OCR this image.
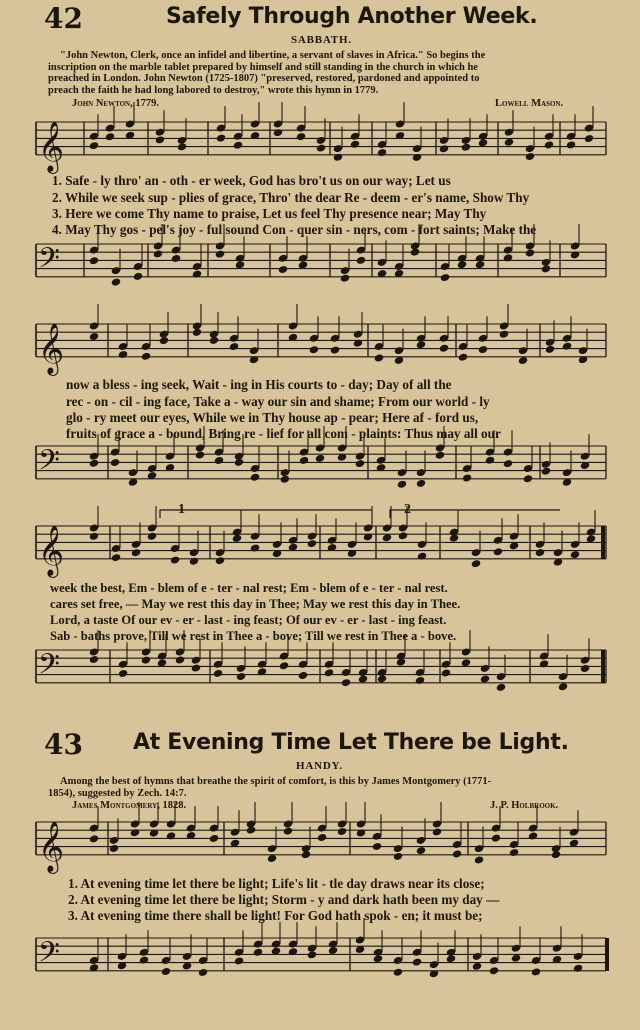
𝄞
𝄢
𝄞
𝄢
𝄞
𝄢
𝄞
𝄢
42	Safely Through Another Week.
SABBATH.
"John Newton, Clerk, once an infidel and libertine, a servant of slaves in Africa." So begins the
inscription on the marble tablet prepared by himself and still standing in the church in which he
preached in London. John Newton (1725-1807) "preserved, restored, pardoned and appointed to
preach the faith he had long labored to destroy," wrote this hymn in 1779.
John Newton, 1779.	Lowell Mason.
1. Safe - ly thro' an - oth - er week, God has bro't us on our way; Let us
2. While we seek sup - plies of grace, Thro' the dear Re - deem - er's name, Show Thy
3. Here we come Thy name to praise, Let us feel Thy presence near; May Thy
4. May Thy gos - pel's joy - ful sound Con - quer sin - ners, com - fort saints; Make the
now a bless - ing seek, Wait - ing in His courts to - day; Day of all the
rec - on - cil - ing face, Take a - way our sin and shame; From our world - ly
glo - ry meet our eyes, While we in Thy house ap - pear; Here af - ford us,
fruits of grace a - bound, Bring re - lief for all com - plaints: Thus may all our
week the best, Em - blem of e - ter - nal rest; Em - blem of e - ter - nal rest.
cares set free, — May we rest this day in Thee; May we rest this day in Thee.
Lord, a taste Of our ev - er - last - ing feast; Of our ev - er - last - ing feast.
Sab - baths prove, Till we rest in Thee a - bove; Till we rest in Thee a - bove.
1	2
43 At Evening Time Let There be Light.
HANDY.
Among the best of hymns that breathe the spirit of comfort, is this by James Montgomery (1771-
1854), suggested by Zech. 14:7.
James Montgomery, 1828.	J. P. Holbrook.
1. At evening time let there be light; Life's lit - tle day draws near its close;
2. At evening time let there be light; Storm - y and dark hath been my day —
3. At evening time there shall be light! For God hath spok - en; it must be;
